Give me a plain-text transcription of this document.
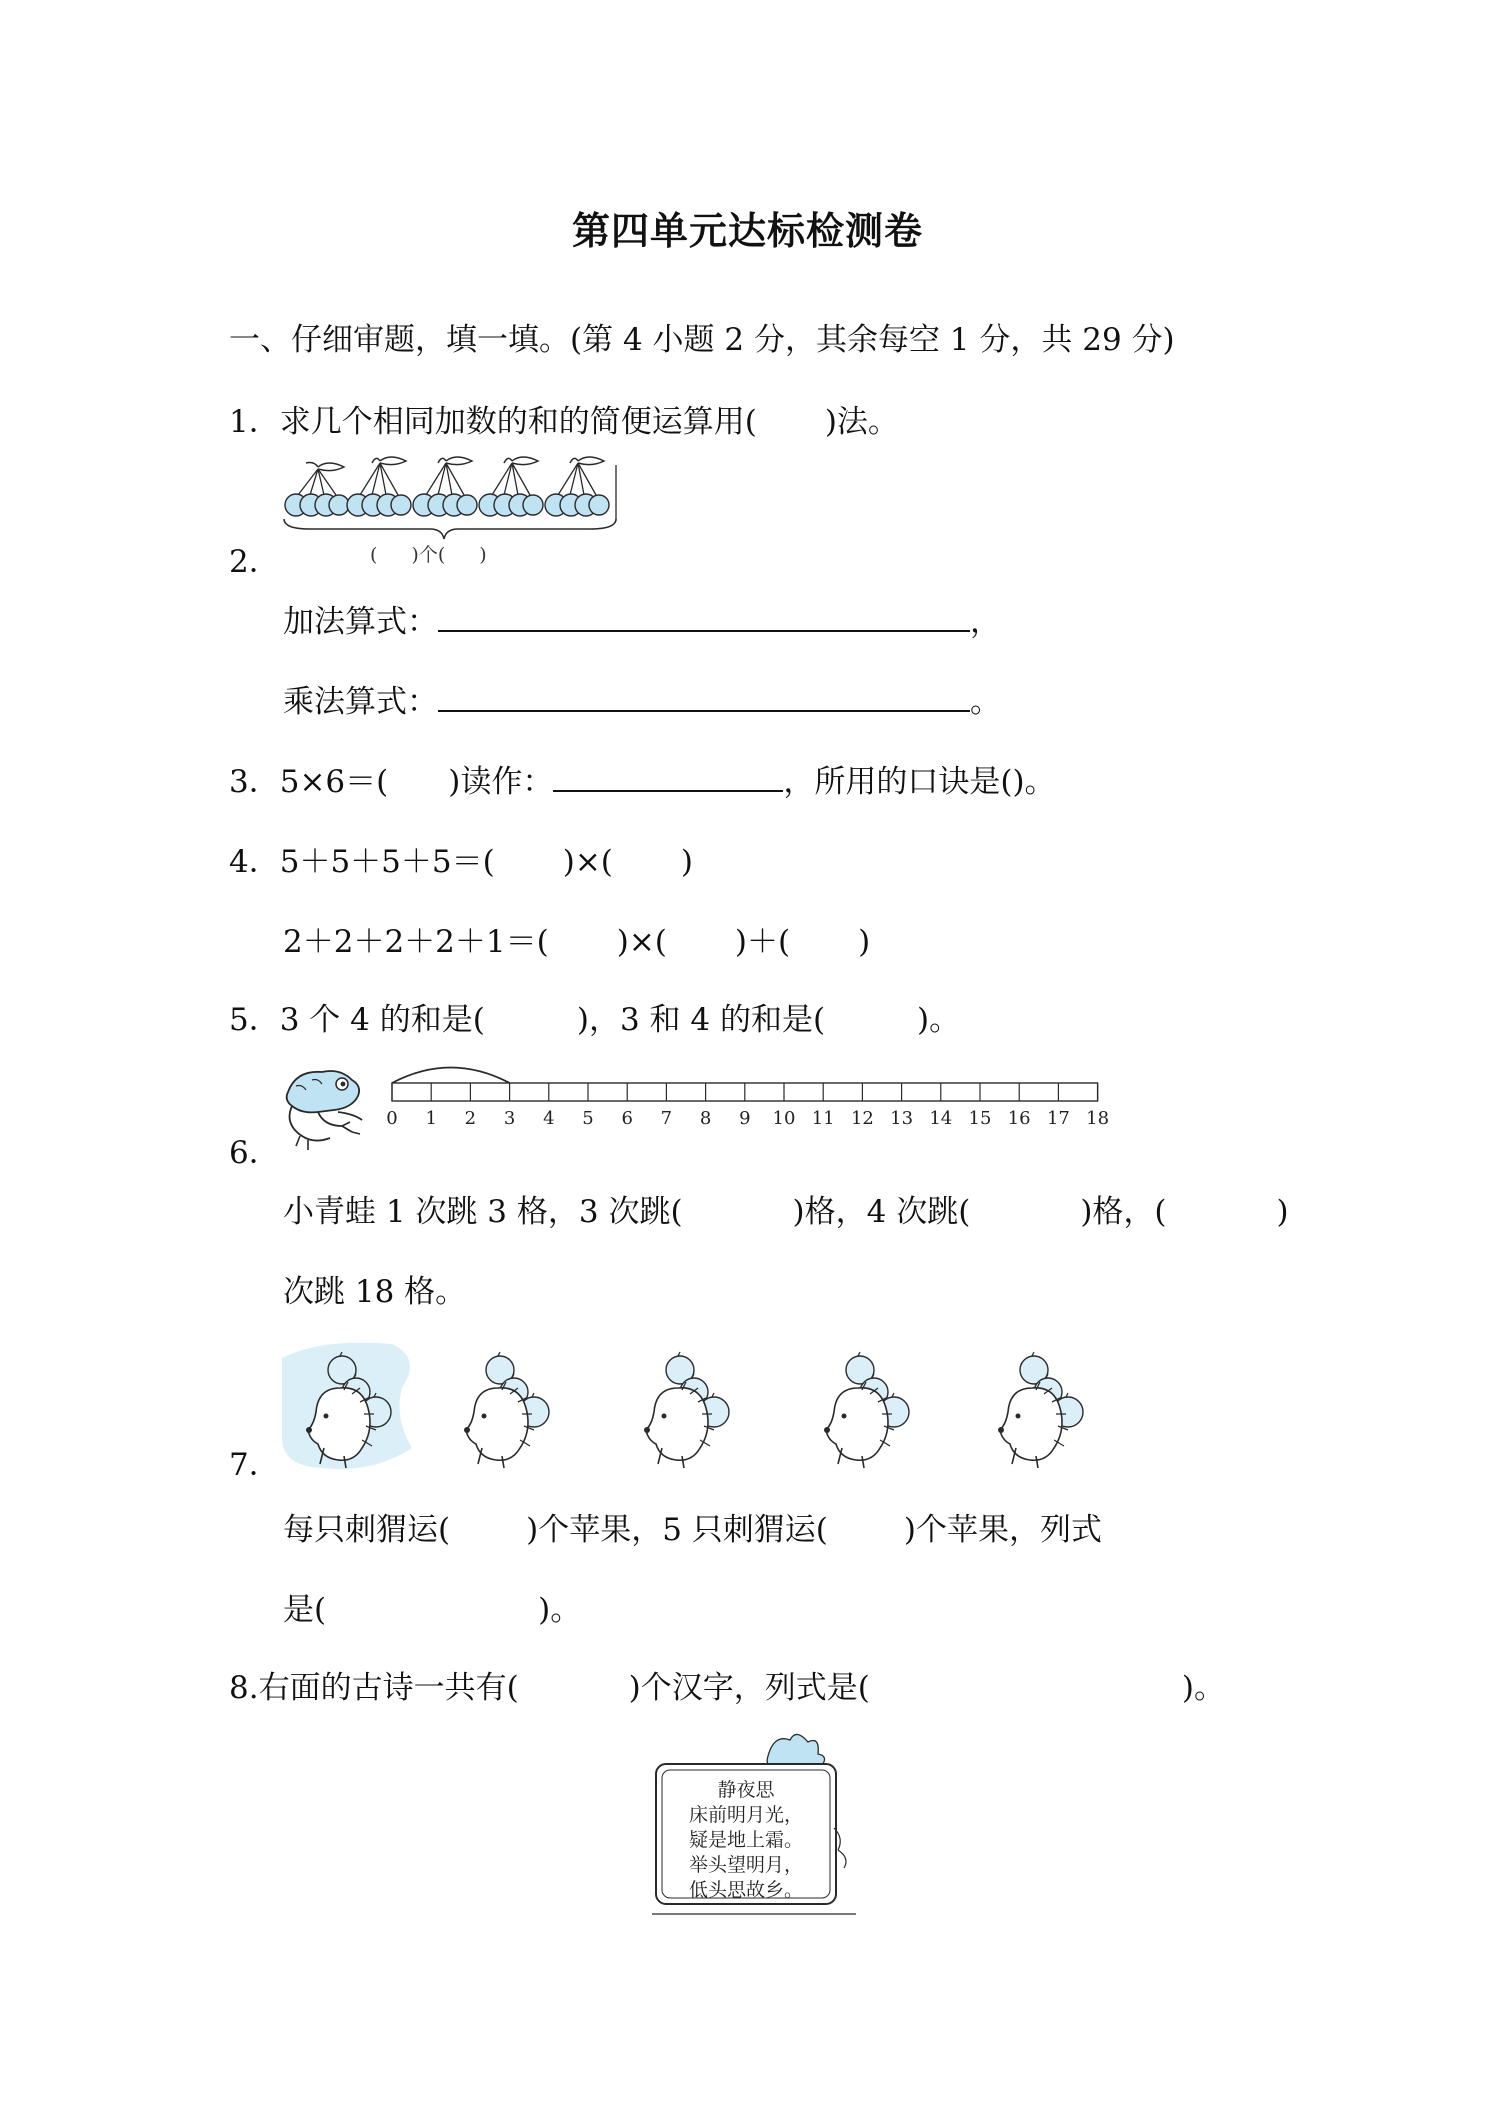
第四单元达标检测卷
一、仔细审题，填一填。(第 4 小题 2 分，其余每空 1 分，共 29 分)
1．求几个相同加数的和的简便运算用( )法。
( )个( )
2．
加法算式：	，
乘法算式：	。
3．5×6＝( )读作：	，所用的口诀是()。
4．5＋5＋5＋5＝( )×( )
2＋2＋2＋2＋1＝( )×( )＋( )
5．3 个 4 的和是(	)，3 和 4 的和是(	)。
0 1 2 3 4 5 6 7 8 9 10 11 12 13 14 15 16 17 18
6．
小青蛙 1 次跳 3 格，3 次跳(	)格，4 次跳(	)格，(	)
次跳 18 格。
7．
每只刺猬运( )个苹果，5 只刺猬运( )个苹果，列式
是(	)。
8.右面的古诗一共有(	)个汉字，列式是(	)。
静夜思
床前明月光，
疑是地上霜。
举头望明月，
低头思故乡。
